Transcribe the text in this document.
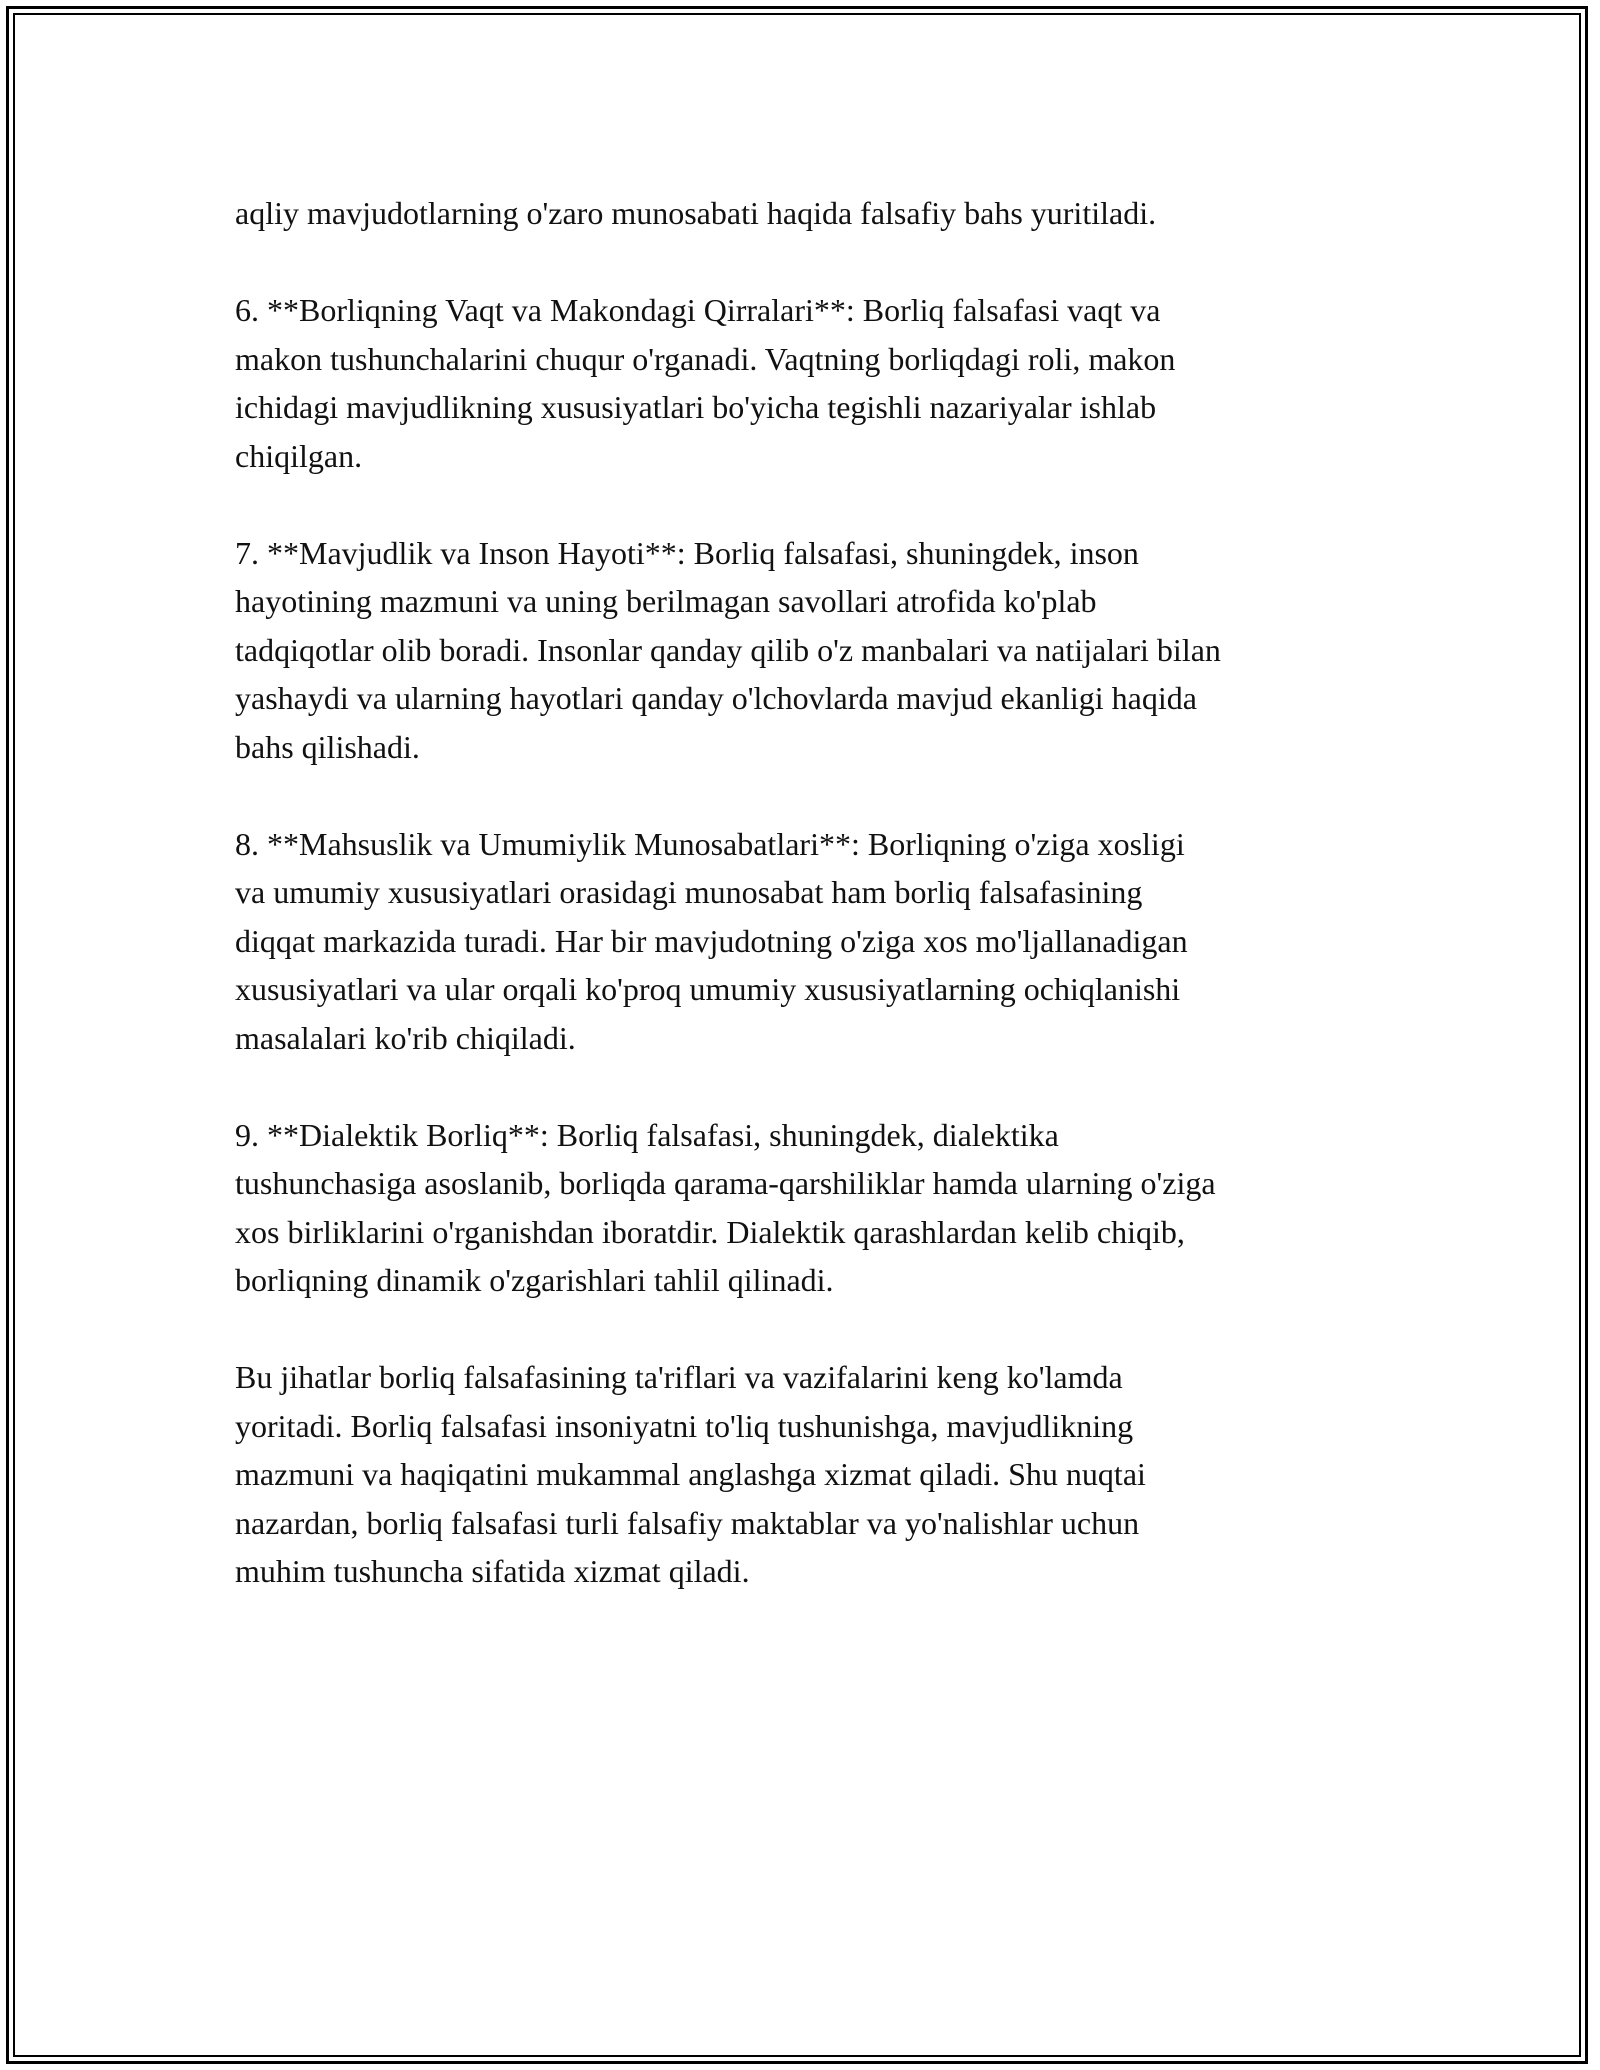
aqliy mavjudotlarning o'zaro munosabati haqida falsafiy bahs yuritiladi.

6. **Borliqning Vaqt va Makondagi Qirralari**: Borliq falsafasi vaqt va
makon tushunchalarini chuqur o'rganadi. Vaqtning borliqdagi roli, makon
ichidagi mavjudlikning xususiyatlari bo'yicha tegishli nazariyalar ishlab
chiqilgan.

7. **Mavjudlik va Inson Hayoti**: Borliq falsafasi, shuningdek, inson
hayotining mazmuni va uning berilmagan savollari atrofida ko'plab
tadqiqotlar olib boradi. Insonlar qanday qilib o'z manbalari va natijalari bilan
yashaydi va ularning hayotlari qanday o'lchovlarda mavjud ekanligi haqida
bahs qilishadi.

8. **Mahsuslik va Umumiylik Munosabatlari**: Borliqning o'ziga xosligi
va umumiy xususiyatlari orasidagi munosabat ham borliq falsafasining
diqqat markazida turadi. Har bir mavjudotning o'ziga xos mo'ljallanadigan
xususiyatlari va ular orqali ko'proq umumiy xususiyatlarning ochiqlanishi
masalalari ko'rib chiqiladi.

9. **Dialektik Borliq**: Borliq falsafasi, shuningdek, dialektika
tushunchasiga asoslanib, borliqda qarama-qarshiliklar hamda ularning o'ziga
xos birliklarini o'rganishdan iboratdir. Dialektik qarashlardan kelib chiqib,
borliqning dinamik o'zgarishlari tahlil qilinadi.

Bu jihatlar borliq falsafasining ta'riflari va vazifalarini keng ko'lamda
yoritadi. Borliq falsafasi insoniyatni to'liq tushunishga, mavjudlikning
mazmuni va haqiqatini mukammal anglashga xizmat qiladi. Shu nuqtai
nazardan, borliq falsafasi turli falsafiy maktablar va yo'nalishlar uchun
muhim tushuncha sifatida xizmat qiladi.
